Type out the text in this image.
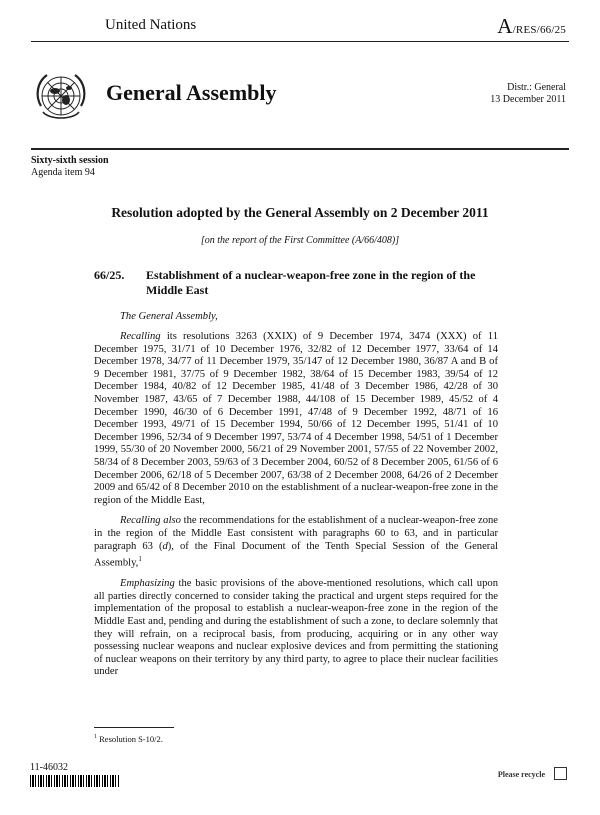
United Nations	A/RES/66/25
General Assembly	Distr.: General
13 December 2011
Sixty-sixth session
Agenda item 94
Resolution adopted by the General Assembly on 2 December 2011
[on the report of the First Committee (A/66/408)]
66/25. Establishment of a nuclear-weapon-free zone in the region of the Middle East

The General Assembly,

Recalling its resolutions 3263 (XXIX) of 9 December 1974, 3474 (XXX) of 11 December 1975, 31/71 of 10 December 1976, 32/82 of 12 December 1977, 33/64 of 14 December 1978, 34/77 of 11 December 1979, 35/147 of 12 December 1980, 36/87 A and B of 9 December 1981, 37/75 of 9 December 1982, 38/64 of 15 December 1983, 39/54 of 12 December 1984, 40/82 of 12 December 1985, 41/48 of 3 December 1986, 42/28 of 30 November 1987, 43/65 of 7 December 1988, 44/108 of 15 December 1989, 45/52 of 4 December 1990, 46/30 of 6 December 1991, 47/48 of 9 December 1992, 48/71 of 16 December 1993, 49/71 of 15 December 1994, 50/66 of 12 December 1995, 51/41 of 10 December 1996, 52/34 of 9 December 1997, 53/74 of 4 December 1998, 54/51 of 1 December 1999, 55/30 of 20 November 2000, 56/21 of 29 November 2001, 57/55 of 22 November 2002, 58/34 of 8 December 2003, 59/63 of 3 December 2004, 60/52 of 8 December 2005, 61/56 of 6 December 2006, 62/18 of 5 December 2007, 63/38 of 2 December 2008, 64/26 of 2 December 2009 and 65/42 of 8 December 2010 on the establishment of a nuclear-weapon-free zone in the region of the Middle East,

Recalling also the recommendations for the establishment of a nuclear-weapon-free zone in the region of the Middle East consistent with paragraphs 60 to 63, and in particular paragraph 63 (d), of the Final Document of the Tenth Special Session of the General Assembly,$^1$

Emphasizing the basic provisions of the above-mentioned resolutions, which call upon all parties directly concerned to consider taking the practical and urgent steps required for the implementation of the proposal to establish a nuclear-weapon-free zone in the region of the Middle East and, pending and during the establishment of such a zone, to declare solemnly that they will refrain, on a reciprocal basis, from producing, acquiring or in any other way possessing nuclear weapons and nuclear explosive devices and from permitting the stationing of nuclear weapons on their territory by any third party, to agree to place their nuclear facilities under

$^1$ Resolution S-10/2.
11-46032
Please recycle
